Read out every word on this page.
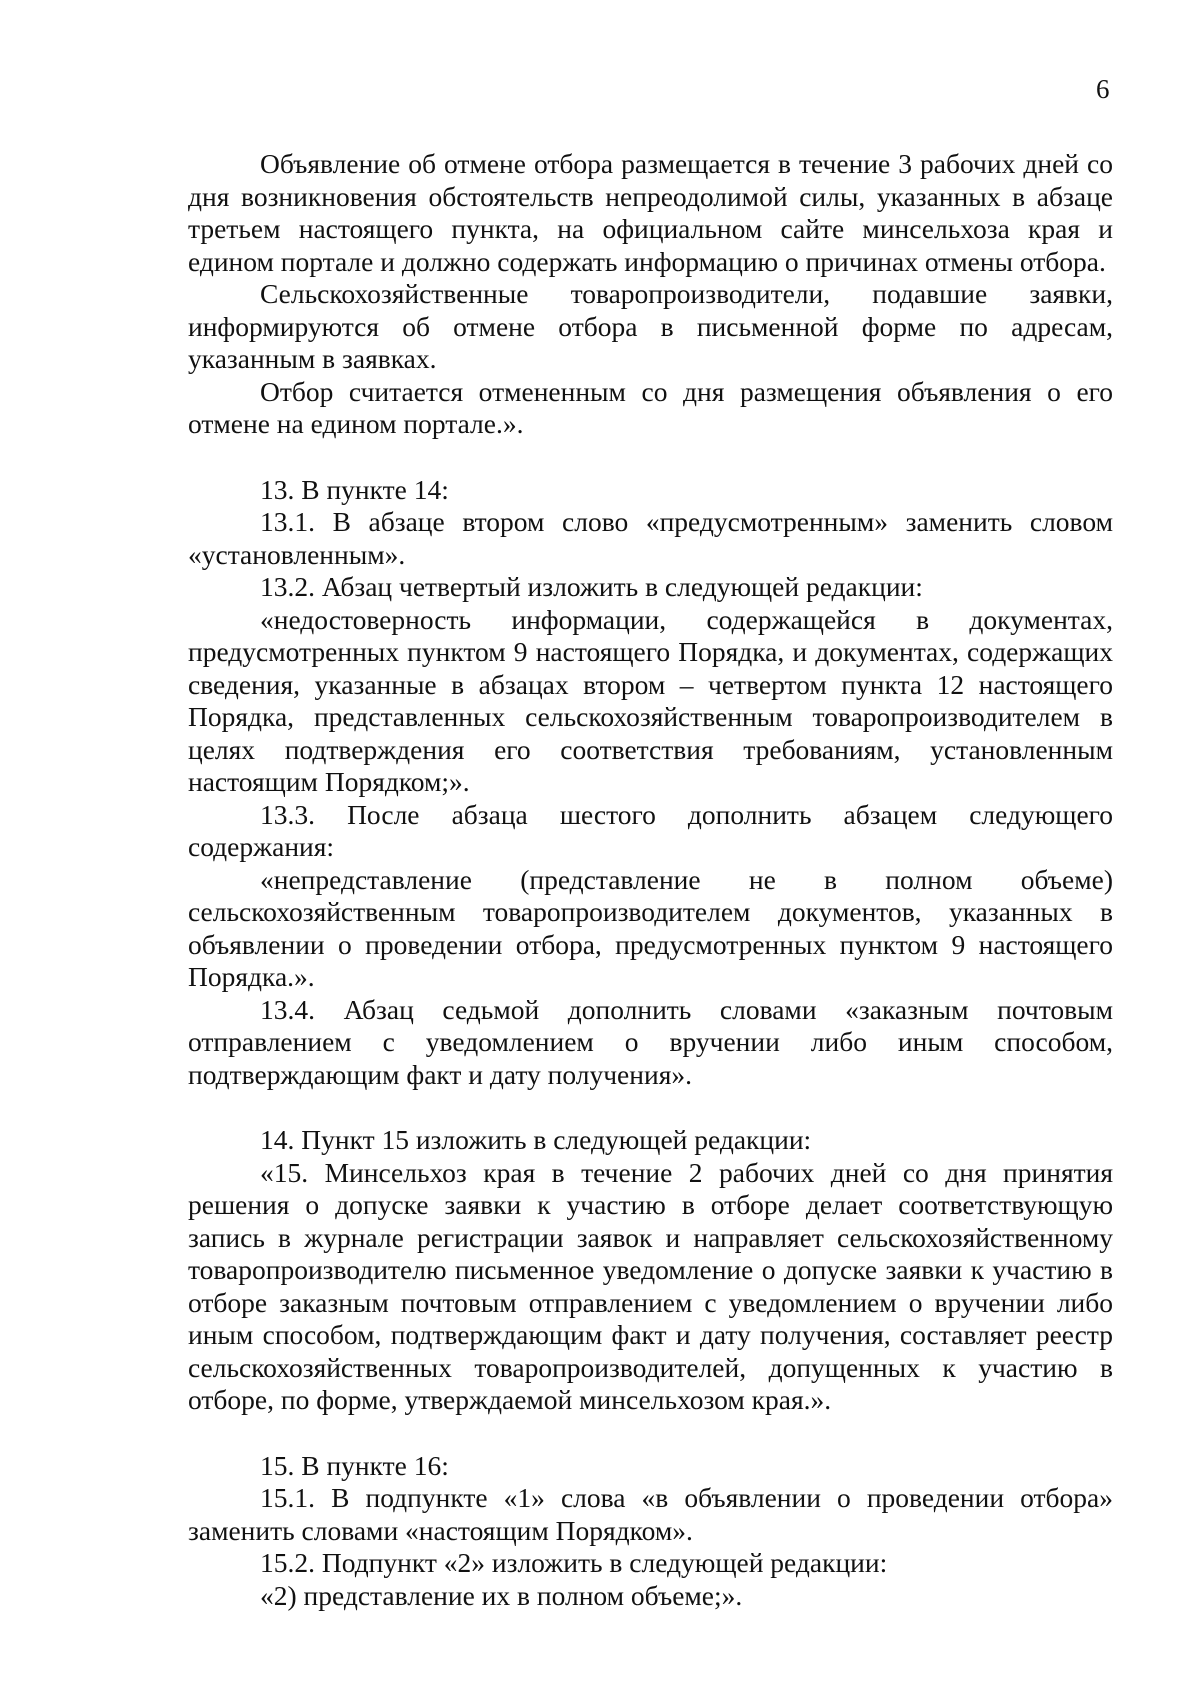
6

Объявление об отмене отбора размещается в течение 3 рабочих дней со дня возникновения обстоятельств непреодолимой силы, указанных в абзаце третьем настоящего пункта, на официальном сайте минсельхоза края и едином портале и должно содержать информацию о причинах отмены отбора.

Сельскохозяйственные товаропроизводители, подавшие заявки, информируются об отмене отбора в письменной форме по адресам, указанным в заявках.

Отбор считается отмененным со дня размещения объявления о его отмене на едином портале.».

13. В пункте 14:

13.1. В абзаце втором слово «предусмотренным» заменить словом «установленным».

13.2. Абзац четвертый изложить в следующей редакции:

«недостоверность информации, содержащейся в документах, предусмотренных пунктом 9 настоящего Порядка, и документах, содержащих сведения, указанные в абзацах втором – четвертом пункта 12 настоящего Порядка, представленных сельскохозяйственным товаропроизводителем в целях подтверждения его соответствия требованиям, установленным настоящим Порядком;».

13.3. После абзаца шестого дополнить абзацем следующего содержания:

«непредставление (представление не в полном объеме) сельскохозяйственным товаропроизводителем документов, указанных в объявлении о проведении отбора, предусмотренных пунктом 9 настоящего Порядка.».

13.4. Абзац седьмой дополнить словами «заказным почтовым отправлением с уведомлением о вручении либо иным способом, подтверждающим факт и дату получения».

14. Пункт 15 изложить в следующей редакции:

«15. Минсельхоз края в течение 2 рабочих дней со дня принятия решения о допуске заявки к участию в отборе делает соответствующую запись в журнале регистрации заявок и направляет сельскохозяйственному товаропроизводителю письменное уведомление о допуске заявки к участию в отборе заказным почтовым отправлением с уведомлением о вручении либо иным способом, подтверждающим факт и дату получения, составляет реестр сельскохозяйственных товаропроизводителей, допущенных к участию в отборе, по форме, утверждаемой минсельхозом края.».

15. В пункте 16:

15.1. В подпункте «1» слова «в объявлении о проведении отбора» заменить словами «настоящим Порядком».

15.2. Подпункт «2» изложить в следующей редакции:

«2) представление их в полном объеме;».
